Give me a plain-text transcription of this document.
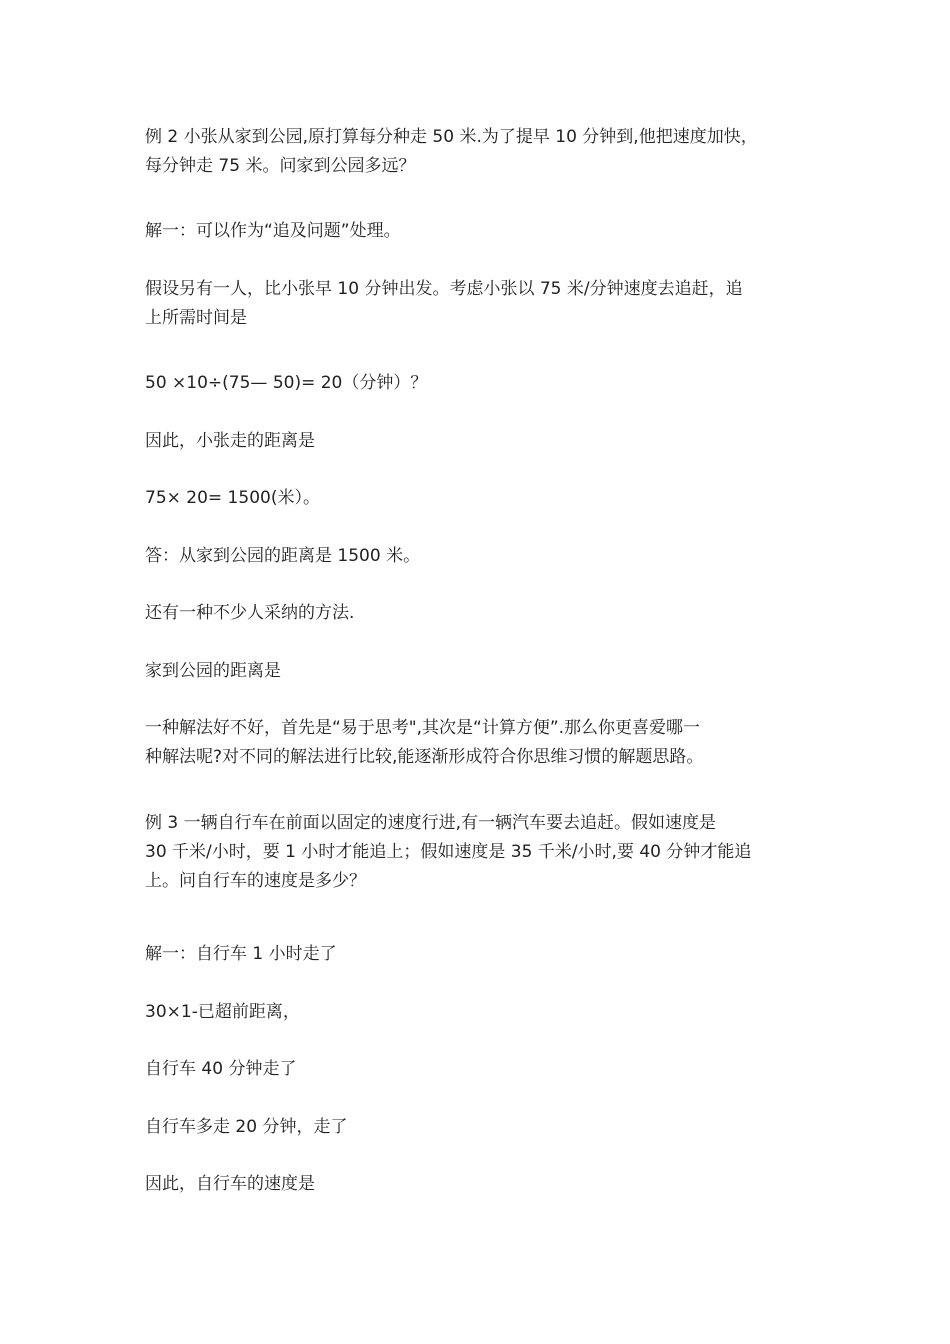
例 2 小张从家到公园,原打算每分种走 50 米.为了提早 10 分钟到,他把速度加快，
每分钟走 75 米。问家到公园多远？

解一：可以作为“追及问题”处理。

假设另有一人，比小张早 10 分钟出发。考虑小张以 75 米/分钟速度去追赶，追
上所需时间是

50 ×10÷(75— 50)= 20（分钟）？

因此，小张走的距离是

75× 20= 1500(米）。

答：从家到公园的距离是 1500 米。

还有一种不少人采纳的方法.

家到公园的距离是

一种解法好不好，首先是“易于思考",其次是“计算方便”.那么你更喜爱哪一
种解法呢?对不同的解法进行比较,能逐渐形成符合你思维习惯的解题思路。

例 3 一辆自行车在前面以固定的速度行进,有一辆汽车要去追赶。假如速度是
30 千米/小时，要 1 小时才能追上；假如速度是 35 千米/小时,要 40 分钟才能追
上。问自行车的速度是多少？

解一：自行车 1 小时走了

30×1-已超前距离，

自行车 40 分钟走了

自行车多走 20 分钟，走了

因此，自行车的速度是
